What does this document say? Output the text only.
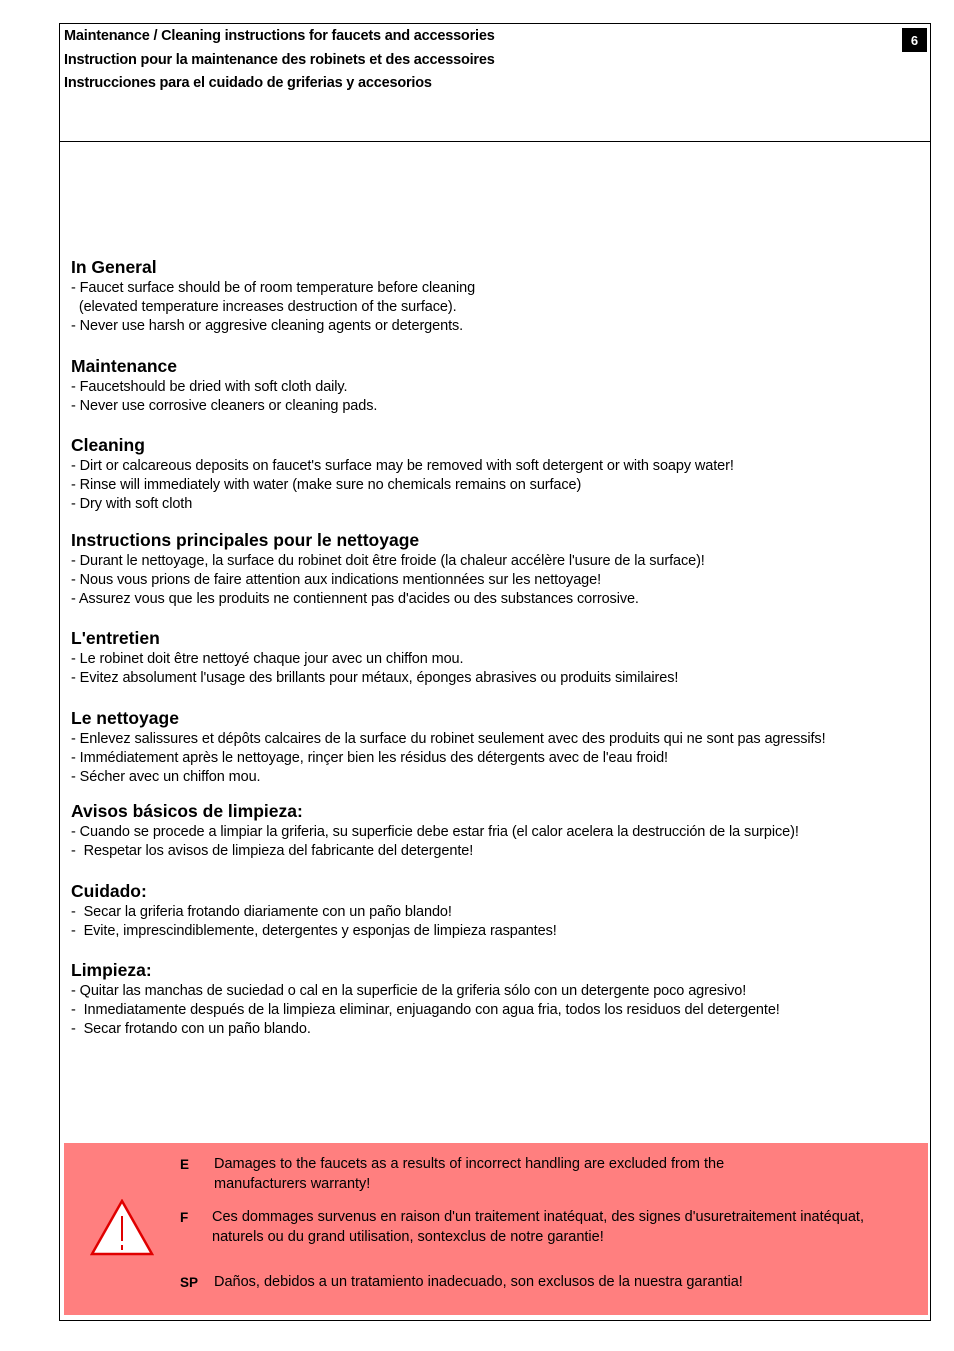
Maintenance / Cleaning instructions for faucets and accessories
Instruction pour la maintenance des robinets et des accessoires
Instrucciones para el cuidado de griferias y accesorios
6
In General
- Faucet surface should be of room temperature before cleaning
(elevated temperature increases destruction of the surface).
- Never use harsh or aggresive cleaning agents or detergents.
Maintenance
- Faucetshould be dried with soft cloth daily.
- Never use corrosive cleaners or cleaning pads.
Cleaning
- Dirt or calcareous deposits on faucet's surface may be removed with soft detergent or with soapy water!
- Rinse will immediately with water (make sure no chemicals remains on surface)
- Dry with soft cloth
Instructions principales pour le nettoyage
- Durant le nettoyage, la surface du robinet doit être froide (la chaleur accélère l'usure de la surface)!
- Nous vous prions de faire attention aux indications mentionnées sur les nettoyage!
- Assurez vous que les produits ne contiennent pas d'acides ou des substances corrosive.
L'entretien
- Le robinet doit être nettoyé chaque jour avec un chiffon mou.
- Evitez absolument l'usage des brillants pour métaux, éponges abrasives ou produits similaires!
Le nettoyage
- Enlevez salissures et dépôts calcaires de la surface du robinet seulement avec des produits qui ne sont pas agressifs!
- Immédiatement après le nettoyage, rinçer bien les résidus des détergents avec de l'eau froid!
- Sécher avec un chiffon mou.
Avisos básicos de limpieza:
- Cuando se procede a limpiar la griferia, su superficie debe estar fria (el calor acelera la destrucción de la surpice)!
-  Respetar los avisos de limpieza del fabricante del detergente!
Cuidado:
-  Secar la griferia frotando diariamente con un paño blando!
-  Evite, imprescindiblemente, detergentes y esponjas de limpieza raspantes!
Limpieza:
- Quitar las manchas de suciedad o cal en la superficie de la griferia sólo con un detergente poco agresivo!
-  Inmediatamente después de la limpieza eliminar, enjuagando con agua fria, todos los residuos del detergente!
-  Secar frotando con un paño blando.
E Damages to the faucets as a results of incorrect handling are excluded from the
manufacturers warranty!
F Ces dommages survenus en raison d'un traitement inatéquat, des signes d'usuretraitement inatéquat,
naturels ou du grand utilisation, sontexclus de notre garantie!
SP Daños, debidos a un tratamiento inadecuado, son exclusos de la nuestra garantia!
